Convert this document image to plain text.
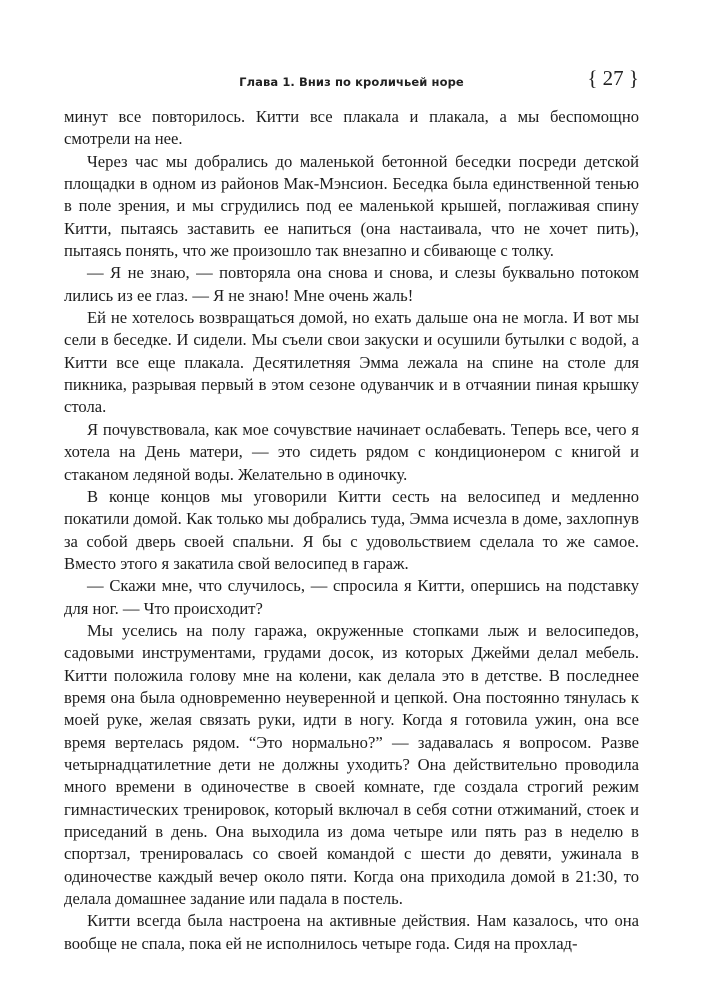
Глава 1. Вниз по кроличьей норе	{ 27 }

минут все повторилось. Китти все плакала и плакала, а мы беспомощно смотрели на нее.

Через час мы добрались до маленькой бетонной беседки посреди детской площадки в одном из районов Мак-Мэнсион. Беседка была единственной тенью в поле зрения, и мы сгрудились под ее маленькой крышей, поглаживая спину Китти, пытаясь заставить ее напиться (она настаивала, что не хочет пить), пытаясь понять, что же произошло так внезапно и сбивающе с толку.

— Я не знаю, — повторяла она снова и снова, и слезы буквально потоком лились из ее глаз. — Я не знаю! Мне очень жаль!

Ей не хотелось возвращаться домой, но ехать дальше она не могла. И вот мы сели в беседке. И сидели. Мы съели свои закуски и осушили бутылки с водой, а Китти все еще плакала. Десятилетняя Эмма лежала на спине на столе для пикника, разрывая первый в этом сезоне одуванчик и в отчаянии пиная крышку стола.

Я почувствовала, как мое сочувствие начинает ослабевать. Теперь все, чего я хотела на День матери, — это сидеть рядом с кондиционером с книгой и стаканом ледяной воды. Желательно в одиночку.

В конце концов мы уговорили Китти сесть на велосипед и медленно покатили домой. Как только мы добрались туда, Эмма исчезла в доме, захлопнув за собой дверь своей спальни. Я бы с удовольствием сделала то же самое. Вместо этого я закатила свой велосипед в гараж.

— Скажи мне, что случилось, — спросила я Китти, опершись на подставку для ног. — Что происходит?

Мы уселись на полу гаража, окруженные стопками лыж и велосипедов, садовыми инструментами, грудами досок, из которых Джейми делал мебель. Китти положила голову мне на колени, как делала это в детстве. В последнее время она была одновременно неуверенной и цепкой. Она постоянно тянулась к моей руке, желая связать руки, идти в ногу. Когда я готовила ужин, она все время вертелась рядом. “Это нормально?” — задавалась я вопросом. Разве четырнадцатилетние дети не должны уходить? Она действительно проводила много времени в одиночестве в своей комнате, где создала строгий режим гимнастических тренировок, который включал в себя сотни отжиманий, стоек и приседаний в день. Она выходила из дома четыре или пять раз в неделю в спортзал, тренировалась со своей командой с шести до девяти, ужинала в одиночестве каждый вечер около пяти. Когда она приходила домой в 21:30, то делала домашнее задание или падала в постель.

Китти всегда была настроена на активные действия. Нам казалось, что она вообще не спала, пока ей не исполнилось четыре года. Сидя на прохлад-
